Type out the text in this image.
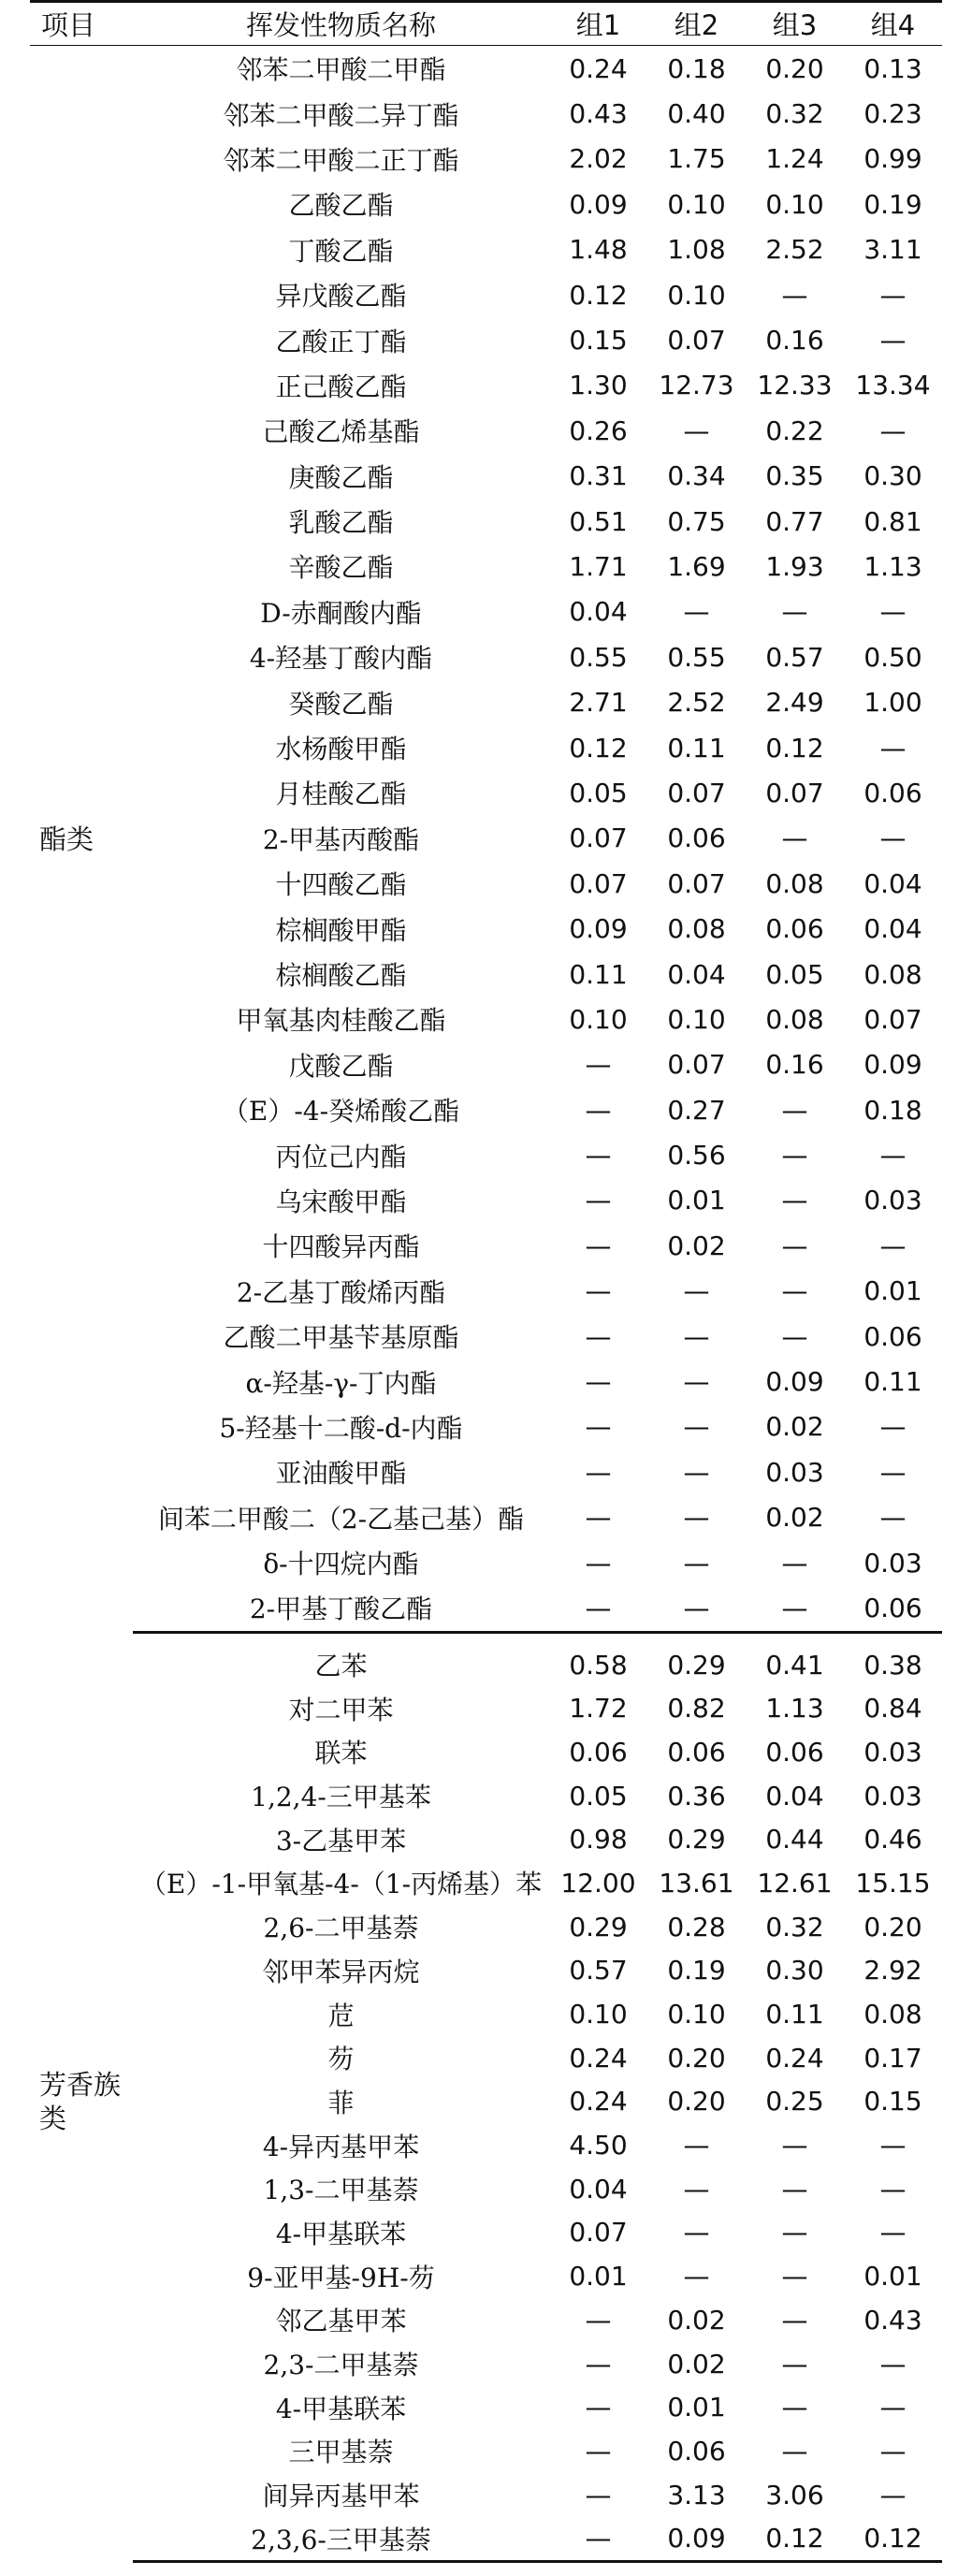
项目	挥发性物质名称	组1	组2	组3	组4
酯类	邻苯二甲酸二甲酯	0.24	0.18	0.20	0.13
	邻苯二甲酸二异丁酯	0.43	0.40	0.32	0.23
	邻苯二甲酸二正丁酯	2.02	1.75	1.24	0.99
	乙酸乙酯	0.09	0.10	0.10	0.19
	丁酸乙酯	1.48	1.08	2.52	3.11
	异戊酸乙酯	0.12	0.10	—	—
	乙酸正丁酯	0.15	0.07	0.16	—
	正己酸乙酯	1.30	12.73	12.33	13.34
	己酸乙烯基酯	0.26	—	0.22	—
	庚酸乙酯	0.31	0.34	0.35	0.30
	乳酸乙酯	0.51	0.75	0.77	0.81
	辛酸乙酯	1.71	1.69	1.93	1.13
	D-赤酮酸内酯	0.04	—	—	—
	4-羟基丁酸内酯	0.55	0.55	0.57	0.50
	癸酸乙酯	2.71	2.52	2.49	1.00
	水杨酸甲酯	0.12	0.11	0.12	—
	月桂酸乙酯	0.05	0.07	0.07	0.06
	2-甲基丙酸酯	0.07	0.06	—	—
	十四酸乙酯	0.07	0.07	0.08	0.04
	棕榈酸甲酯	0.09	0.08	0.06	0.04
	棕榈酸乙酯	0.11	0.04	0.05	0.08
	甲氧基肉桂酸乙酯	0.10	0.10	0.08	0.07
	戊酸乙酯	—	0.07	0.16	0.09
	（E）-4-癸烯酸乙酯	—	0.27	—	0.18
	丙位己内酯	—	0.56	—	—
	乌宋酸甲酯	—	0.01	—	0.03
	十四酸异丙酯	—	0.02	—	—
	2-乙基丁酸烯丙酯	—	—	—	0.01
	乙酸二甲基苄基原酯	—	—	—	0.06
	α-羟基-γ-丁内酯	—	—	0.09	0.11
	5-羟基十二酸-d-内酯	—	—	0.02	—
	亚油酸甲酯	—	—	0.03	—
	间苯二甲酸二（2-乙基己基）酯	—	—	0.02	—
	δ-十四烷内酯	—	—	—	0.03
	2-甲基丁酸乙酯	—	—	—	0.06
芳香族类	乙苯	0.58	0.29	0.41	0.38
	对二甲苯	1.72	0.82	1.13	0.84
	联苯	0.06	0.06	0.06	0.03
	1,2,4-三甲基苯	0.05	0.36	0.04	0.03
	3-乙基甲苯	0.98	0.29	0.44	0.46
	（E）-1-甲氧基-4-（1-丙烯基）苯	12.00	13.61	12.61	15.15
	2,6-二甲基萘	0.29	0.28	0.32	0.20
	邻甲苯异丙烷	0.57	0.19	0.30	2.92
	苊	0.10	0.10	0.11	0.08
	芴	0.24	0.20	0.24	0.17
	菲	0.24	0.20	0.25	0.15
	4-异丙基甲苯	4.50	—	—	—
	1,3-二甲基萘	0.04	—	—	—
	4-甲基联苯	0.07	—	—	—
	9-亚甲基-9H-芴	0.01	—	—	0.01
	邻乙基甲苯	—	0.02	—	0.43
	2,3-二甲基萘	—	0.02	—	—
	4-甲基联苯	—	0.01	—	—
	三甲基萘	—	0.06	—	—
	间异丙基甲苯	—	3.13	3.06	—
	2,3,6-三甲基萘	—	0.09	0.12	0.12
